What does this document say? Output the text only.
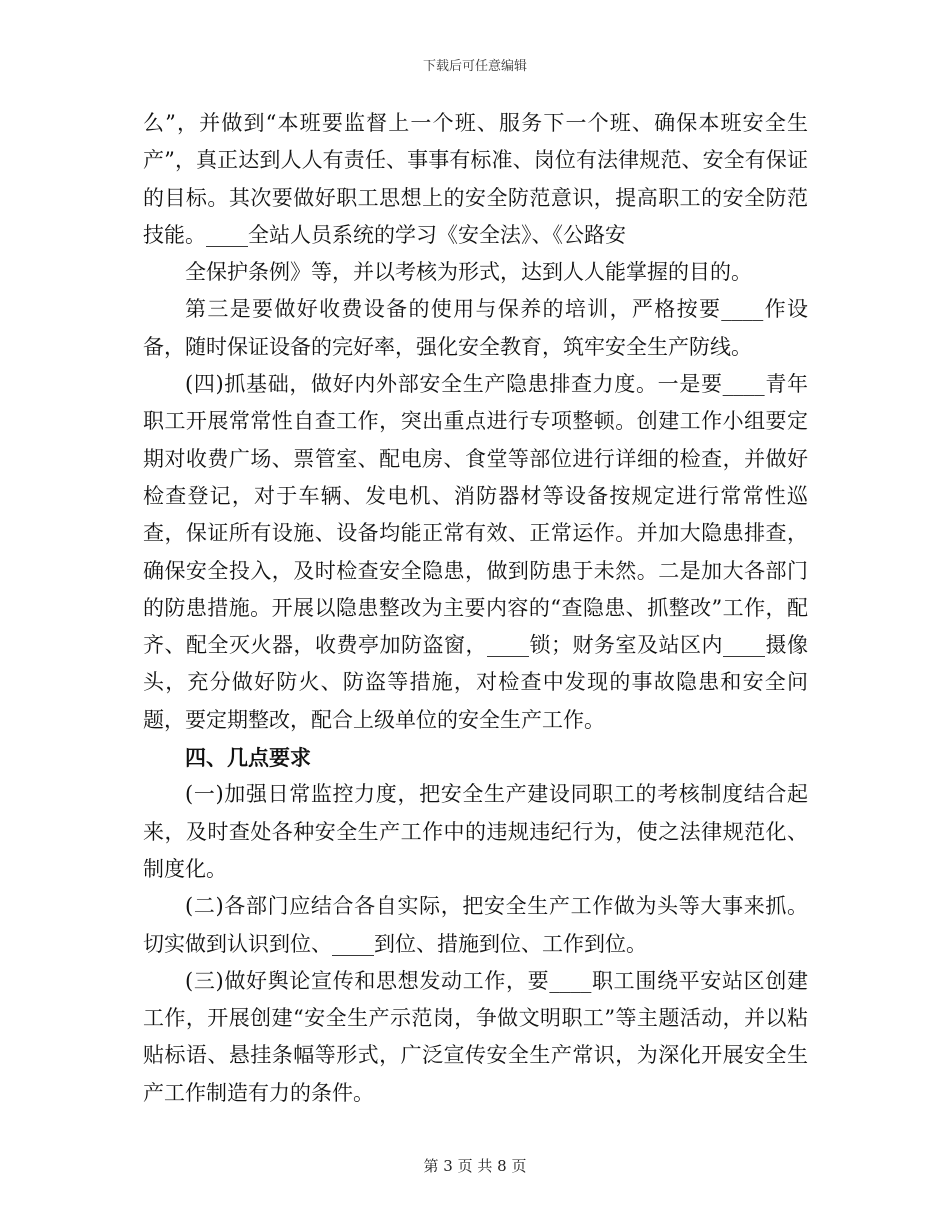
下载后可任意编辑

么”，并做到“本班要监督上一个班、服务下一个班、确保本班安全生产”，真正达到人人有责任、事事有标准、岗位有法律规范、安全有保证的目标。其次要做好职工思想上的安全防范意识，提高职工的安全防范技能。____全站人员系统的学习《安全法》、《公路安

全保护条例》等，并以考核为形式，达到人人能掌握的目的。

第三是要做好收费设备的使用与保养的培训，严格按要____作设备，随时保证设备的完好率，强化安全教育，筑牢安全生产防线。

(四)抓基础，做好内外部安全生产隐患排查力度。一是要____青年职工开展常常性自查工作，突出重点进行专项整顿。创建工作小组要定期对收费广场、票管室、配电房、食堂等部位进行详细的检查，并做好检查登记，对于车辆、发电机、消防器材等设备按规定进行常常性巡查，保证所有设施、设备均能正常有效、正常运作。并加大隐患排查，确保安全投入，及时检查安全隐患，做到防患于未然。二是加大各部门的防患措施。开展以隐患整改为主要内容的“查隐患、抓整改”工作，配齐、配全灭火器，收费亭加防盗窗，____锁；财务室及站区内____摄像头，充分做好防火、防盗等措施，对检查中发现的事故隐患和安全问题，要定期整改，配合上级单位的安全生产工作。

四、几点要求

(一)加强日常监控力度，把安全生产建设同职工的考核制度结合起来，及时查处各种安全生产工作中的违规违纪行为，使之法律规范化、制度化。

(二)各部门应结合各自实际，把安全生产工作做为头等大事来抓。切实做到认识到位、____到位、措施到位、工作到位。

(三)做好舆论宣传和思想发动工作，要____职工围绕平安站区创建工作，开展创建“安全生产示范岗，争做文明职工”等主题活动，并以粘贴标语、悬挂条幅等形式，广泛宣传安全生产常识，为深化开展安全生产工作制造有力的条件。

第 3 页 共 8 页
